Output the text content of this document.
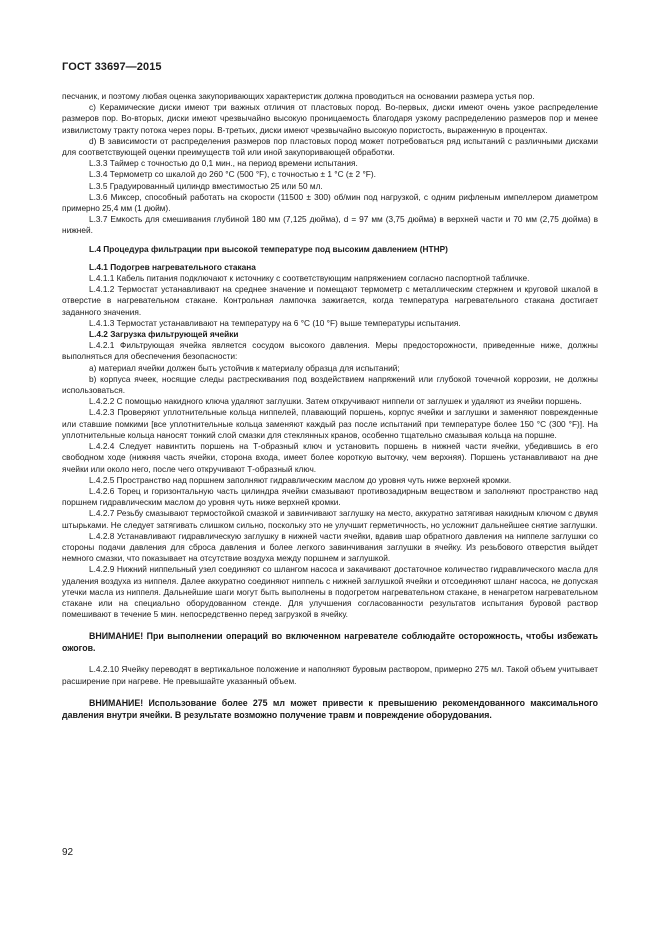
ГОСТ 33697—2015

песчаник, и поэтому любая оценка закупоривающих характеристик должна проводиться на основании размера устья пор.

c) Керамические диски имеют три важных отличия от пластовых пород. Во-первых, диски имеют очень узкое распределение размеров пор. Во-вторых, диски имеют чрезвычайно высокую проницаемость благодаря узкому распределению размеров пор и менее извилистому тракту потока через поры. В-третьих, диски имеют чрезвычайно высокую пористость, выраженную в процентах.

d) В зависимости от распределения размеров пор пластовых пород может потребоваться ряд испытаний с различными дисками для соответствующей оценки преимуществ той или иной закупоривающей обработки.

L.3.3 Таймер с точностью до 0,1 мин., на период времени испытания.

L.3.4 Термометр со шкалой до 260 °C (500 °F), с точностью ± 1 °C (± 2 °F).

L.3.5 Градуированный цилиндр вместимостью 25 или 50 мл.

L.3.6 Миксер, способный работать на скорости (11500 ± 300) об/мин под нагрузкой, с одним рифленым импеллером диаметром примерно 25,4 мм (1 дюйм).

L.3.7 Емкость для смешивания глубиной 180 мм (7,125 дюйма), d = 97 мм (3,75 дюйма) в верхней части и 70 мм (2,75 дюйма) в нижней.

L.4 Процедура фильтрации при высокой температуре под высоким давлением (HTHP)

L.4.1 Подогрев нагревательного стакана

L.4.1.1 Кабель питания подключают к источнику с соответствующим напряжением согласно паспортной табличке.

L.4.1.2 Термостат устанавливают на среднее значение и помещают термометр с металлическим стержнем и круговой шкалой в отверстие в нагревательном стакане. Контрольная лампочка зажигается, когда температура нагревательного стакана достигает заданного значения.

L.4.1.3 Термостат устанавливают на температуру на 6 °C (10 °F) выше температуры испытания.

L.4.2 Загрузка фильтрующей ячейки

L.4.2.1 Фильтрующая ячейка является сосудом высокого давления. Меры предосторожности, приведенные ниже, должны выполняться для обеспечения безопасности:

a) материал ячейки должен быть устойчив к материалу образца для испытаний;

b) корпуса ячеек, носящие следы растрескивания под воздействием напряжений или глубокой точечной коррозии, не должны использоваться.

L.4.2.2 С помощью накидного ключа удаляют заглушки. Затем откручивают ниппели от заглушек и удаляют из ячейки поршень.

L.4.2.3 Проверяют уплотнительные кольца ниппелей, плавающий поршень, корпус ячейки и заглушки и заменяют поврежденные или ставшие помкими [все уплотнительные кольца заменяют каждый раз после испытаний при температуре более 150 °C (300 °F)]. На уплотнительные кольца наносят тонкий слой смазки для стеклянных кранов, особенно тщательно смазывая кольца на поршне.

L.4.2.4 Следует навинтить поршень на Т-образный ключ и установить поршень в нижней части ячейки, убедившись в его свободном ходе (нижняя часть ячейки, сторона входа, имеет более короткую выточку, чем верхняя). Поршень устанавливают на дне ячейки или около него, после чего откручивают Т-образный ключ.

L.4.2.5 Пространство над поршнем заполняют гидравлическим маслом до уровня чуть ниже верхней кромки.

L.4.2.6 Торец и горизонтальную часть цилиндра ячейки смазывают противозадирным веществом и заполняют пространство над поршнем гидравлическим маслом до уровня чуть ниже верхней кромки.

L.4.2.7 Резьбу смазывают термостойкой смазкой и завинчивают заглушку на место, аккуратно затягивая накидным ключом с двумя штырьками. Не следует затягивать слишком сильно, поскольку это не улучшит герметичность, но усложнит дальнейшее снятие заглушки.

L.4.2.8 Устанавливают гидравлическую заглушку в нижней части ячейки, вдавив шар обратного давления на ниппеле заглушки со стороны подачи давления для сброса давления и более легкого завинчивания заглушки в ячейку. Из резьбового отверстия выйдет немного смазки, что показывает на отсутствие воздуха между поршнем и заглушкой.

L.4.2.9 Нижний ниппельный узел соединяют со шлангом насоса и закачивают достаточное количество гидравлического масла для удаления воздуха из ниппеля. Далее аккуратно соединяют ниппель с нижней заглушкой ячейки и отсоединяют шланг насоса, не допуская утечки масла из ниппеля. Дальнейшие шаги могут быть выполнены в подогретом нагревательном стакане, в ненагретом нагревательном стакане или на специально оборудованном стенде. Для улучшения согласованности результатов испытания буровой раствор помешивают в течение 5 мин. непосредственно перед загрузкой в ячейку.

ВНИМАНИЕ! При выполнении операций во включенном нагревателе соблюдайте осторожность, чтобы избежать ожогов.

L.4.2.10 Ячейку переводят в вертикальное положение и наполняют буровым раствором, примерно 275 мл. Такой объем учитывает расширение при нагреве. Не превышайте указанный объем.

ВНИМАНИЕ! Использование более 275 мл может привести к превышению рекомендованного максимального давления внутри ячейки. В результате возможно получение травм и повреждение оборудования.

92
